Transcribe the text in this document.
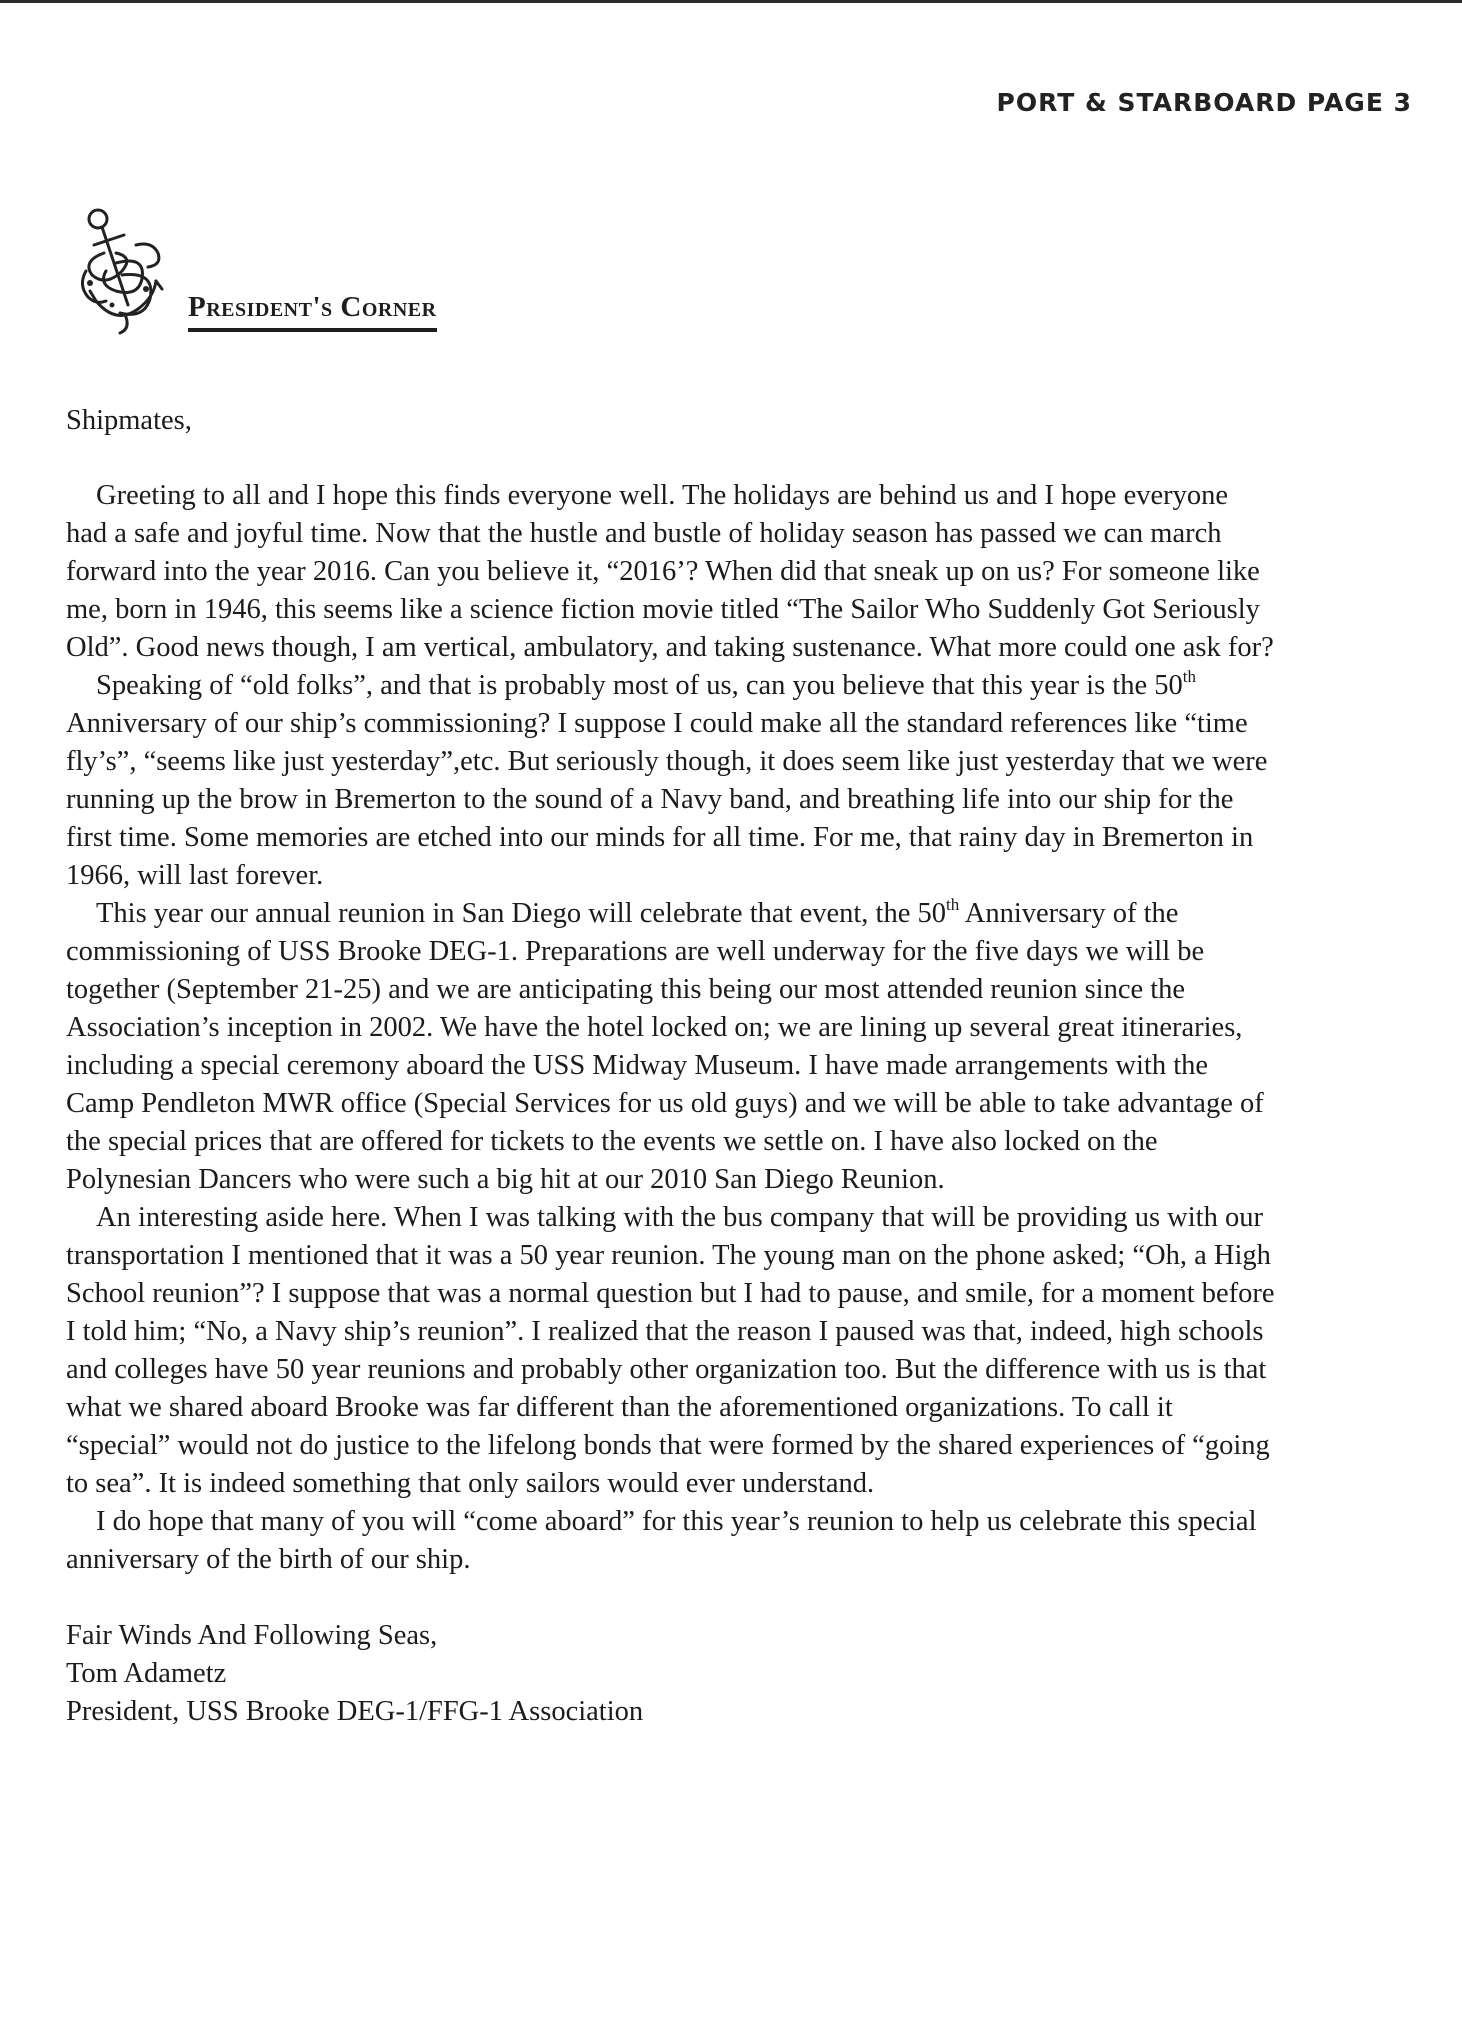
PORT & STARBOARD PAGE 3
President's Corner

Shipmates,

Greeting to all and I hope this finds everyone well. The holidays are behind us and I hope everyone had a safe and joyful time. Now that the hustle and bustle of holiday season has passed we can march forward into the year 2016. Can you believe it, “2016’? When did that sneak up on us? For someone like me, born in 1946, this seems like a science fiction movie titled “The Sailor Who Suddenly Got Seriously Old”. Good news though, I am vertical, ambulatory, and taking sustenance. What more could one ask for?

Speaking of “old folks”, and that is probably most of us, can you believe that this year is the 50th Anniversary of our ship’s commissioning? I suppose I could make all the standard references like “time fly’s”, “seems like just yesterday”,etc. But seriously though, it does seem like just yesterday that we were running up the brow in Bremerton to the sound of a Navy band, and breathing life into our ship for the first time. Some memories are etched into our minds for all time. For me, that rainy day in Bremerton in 1966, will last forever.

This year our annual reunion in San Diego will celebrate that event, the 50th Anniversary of the commissioning of USS Brooke DEG-1. Preparations are well underway for the five days we will be together (September 21-25) and we are anticipating this being our most attended reunion since the Association’s inception in 2002. We have the hotel locked on; we are lining up several great itineraries, including a special ceremony aboard the USS Midway Museum. I have made arrangements with the Camp Pendleton MWR office (Special Services for us old guys) and we will be able to take advantage of the special prices that are offered for tickets to the events we settle on. I have also locked on the Polynesian Dancers who were such a big hit at our 2010 San Diego Reunion.

An interesting aside here. When I was talking with the bus company that will be providing us with our transportation I mentioned that it was a 50 year reunion. The young man on the phone asked; “Oh, a High School reunion”? I suppose that was a normal question but I had to pause, and smile, for a moment before I told him; “No, a Navy ship’s reunion”. I realized that the reason I paused was that, indeed, high schools and colleges have 50 year reunions and probably other organization too. But the difference with us is that what we shared aboard Brooke was far different than the aforementioned organizations. To call it “special” would not do justice to the lifelong bonds that were formed by the shared experiences of “going to sea”. It is indeed something that only sailors would ever understand.

I do hope that many of you will “come aboard” for this year’s reunion to help us celebrate this special anniversary of the birth of our ship.

Fair Winds And Following Seas,
Tom Adametz
President, USS Brooke DEG-1/FFG-1 Association
